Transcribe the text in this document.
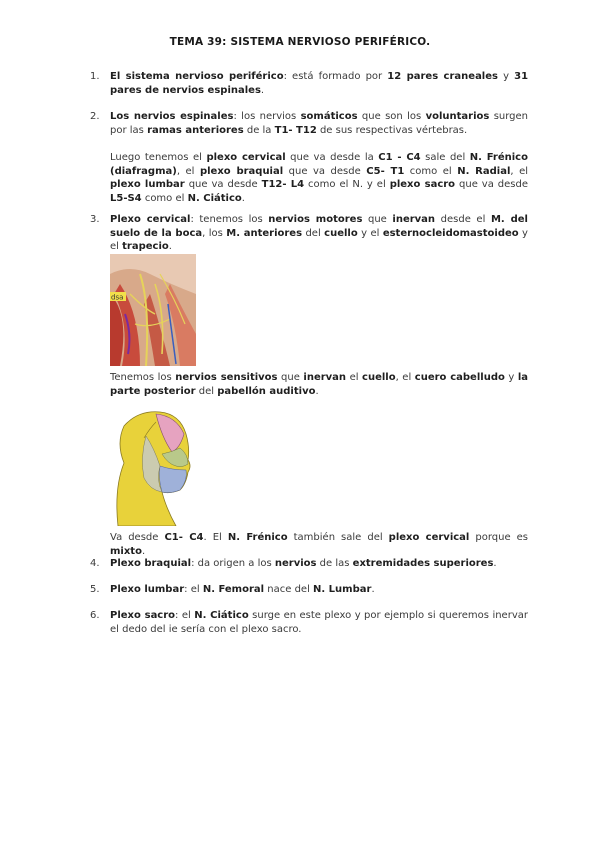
TEMA 39: SISTEMA NERVIOSO PERIFÉRICO.
1.	El sistema nervioso periférico: está formado por 12 pares craneales y 31 pares de nervios espinales.
2.	Los nervios espinales: los nervios somáticos que son los voluntarios surgen por las ramas anteriores de la T1- T12 de sus respectivas vértebras.
Luego tenemos el plexo cervical que va desde la C1 - C4 sale del N. Frénico (diafragma), el plexo braquial que va desde C5- T1 como el N. Radial, el plexo lumbar que va desde T12- L4 como el N. y el plexo sacro que va desde L5-S4 como el N. Ciático.
3.	Plexo cervical: tenemos los nervios motores que inervan desde el M. del suelo de la boca, los M. anteriores del cuello y el esternocleidomastoideo y el trapecio.
dsa
Tenemos los nervios sensitivos que inervan el cuello, el cuero cabelludo y la parte posterior del pabellón auditivo.
Va desde C1- C4. El N. Frénico también sale del plexo cervical porque es mixto.
4.	Plexo braquial: da origen a los nervios de las extremidades superiores.
5.	Plexo lumbar: el N. Femoral nace del N. Lumbar.
6.	Plexo sacro: el N. Ciático surge en este plexo y por ejemplo si queremos inervar el dedo del ie sería con el plexo sacro.
